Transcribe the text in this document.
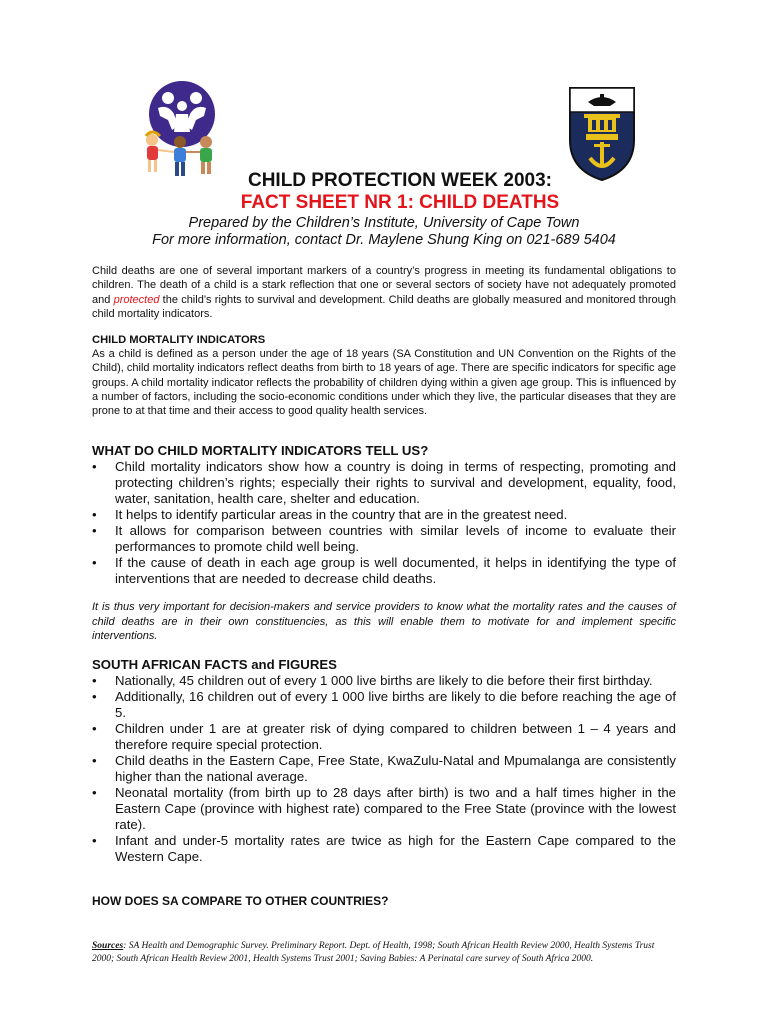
CHILD PROTECTION WEEK 2003:
FACT SHEET NR 1: CHILD DEATHS
Prepared by the Children’s Institute, University of Cape Town
For more information, contact Dr. Maylene Shung King on 021-689 5404

Child deaths are one of several important markers of a country’s progress in meeting its fundamental obligations to children. The death of a child is a stark reflection that one or several sectors of society have not adequately promoted and protected the child’s rights to survival and development. Child deaths are globally measured and monitored through child mortality indicators.

CHILD MORTALITY INDICATORS

As a child is defined as a person under the age of 18 years (SA Constitution and UN Convention on the Rights of the Child), child mortality indicators reflect deaths from birth to 18 years of age. There are specific indicators for specific age groups. A child mortality indicator reflects the probability of children dying within a given age group. This is influenced by a number of factors, including the socio-economic conditions under which they live, the particular diseases that they are prone to at that time and their access to good quality health services.

WHAT DO CHILD MORTALITY INDICATORS TELL US?

•	Child mortality indicators show how a country is doing in terms of respecting, promoting and protecting children’s rights; especially their rights to survival and development, equality, food, water, sanitation, health care, shelter and education.
•	It helps to identify particular areas in the country that are in the greatest need.
•	It allows for comparison between countries with similar levels of income to evaluate their performances to promote child well being.
•	If the cause of death in each age group is well documented, it helps in identifying the type of interventions that are needed to decrease child deaths.

It is thus very important for decision-makers and service providers to know what the mortality rates and the causes of child deaths are in their own constituencies, as this will enable them to motivate for and implement specific interventions.

SOUTH AFRICAN FACTS and FIGURES

•	Nationally, 45 children out of every 1 000 live births are likely to die before their first birthday.
•	Additionally, 16 children out of every 1 000 live births are likely to die before reaching the age of 5.
•	Children under 1 are at greater risk of dying compared to children between 1 – 4 years and therefore require special protection.
•	Child deaths in the Eastern Cape, Free State, KwaZulu-Natal and Mpumalanga are consistently higher than the national average.
•	Neonatal mortality (from birth up to 28 days after birth) is two and a half times higher in the Eastern Cape (province with highest rate) compared to the Free State (province with the lowest rate).
•	Infant and under-5 mortality rates are twice as high for the Eastern Cape compared to the Western Cape.

HOW DOES SA COMPARE TO OTHER COUNTRIES?

Sources: SA Health and Demographic Survey. Preliminary Report. Dept. of Health, 1998; South African Health Review 2000, Health Systems Trust 2000; South African Health Review 2001, Health Systems Trust 2001; Saving Babies: A Perinatal care survey of South Africa 2000.
